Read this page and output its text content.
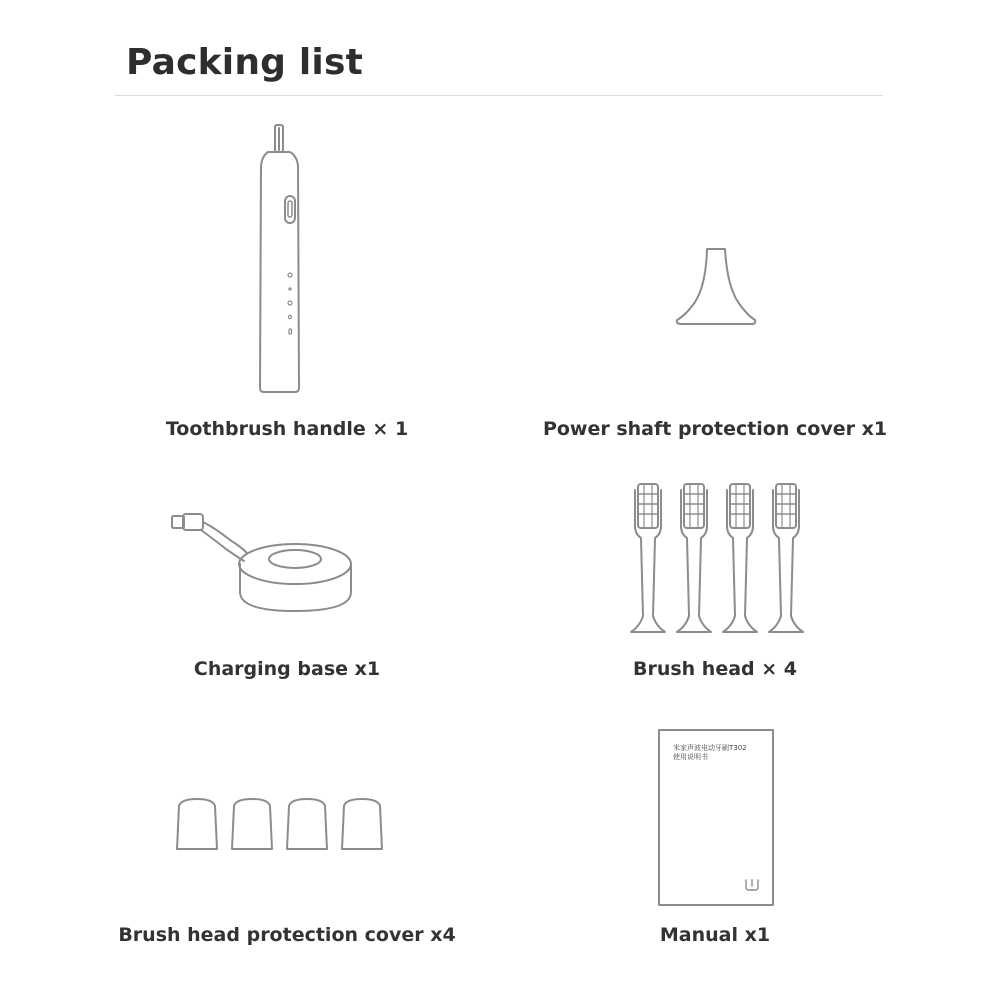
Packing list
米家声波电动牙刷T302
使用说明书
Toothbrush handle × 1	Power shaft protection cover x1
Charging base x1	Brush head × 4
Brush head protection cover x4	Manual x1
